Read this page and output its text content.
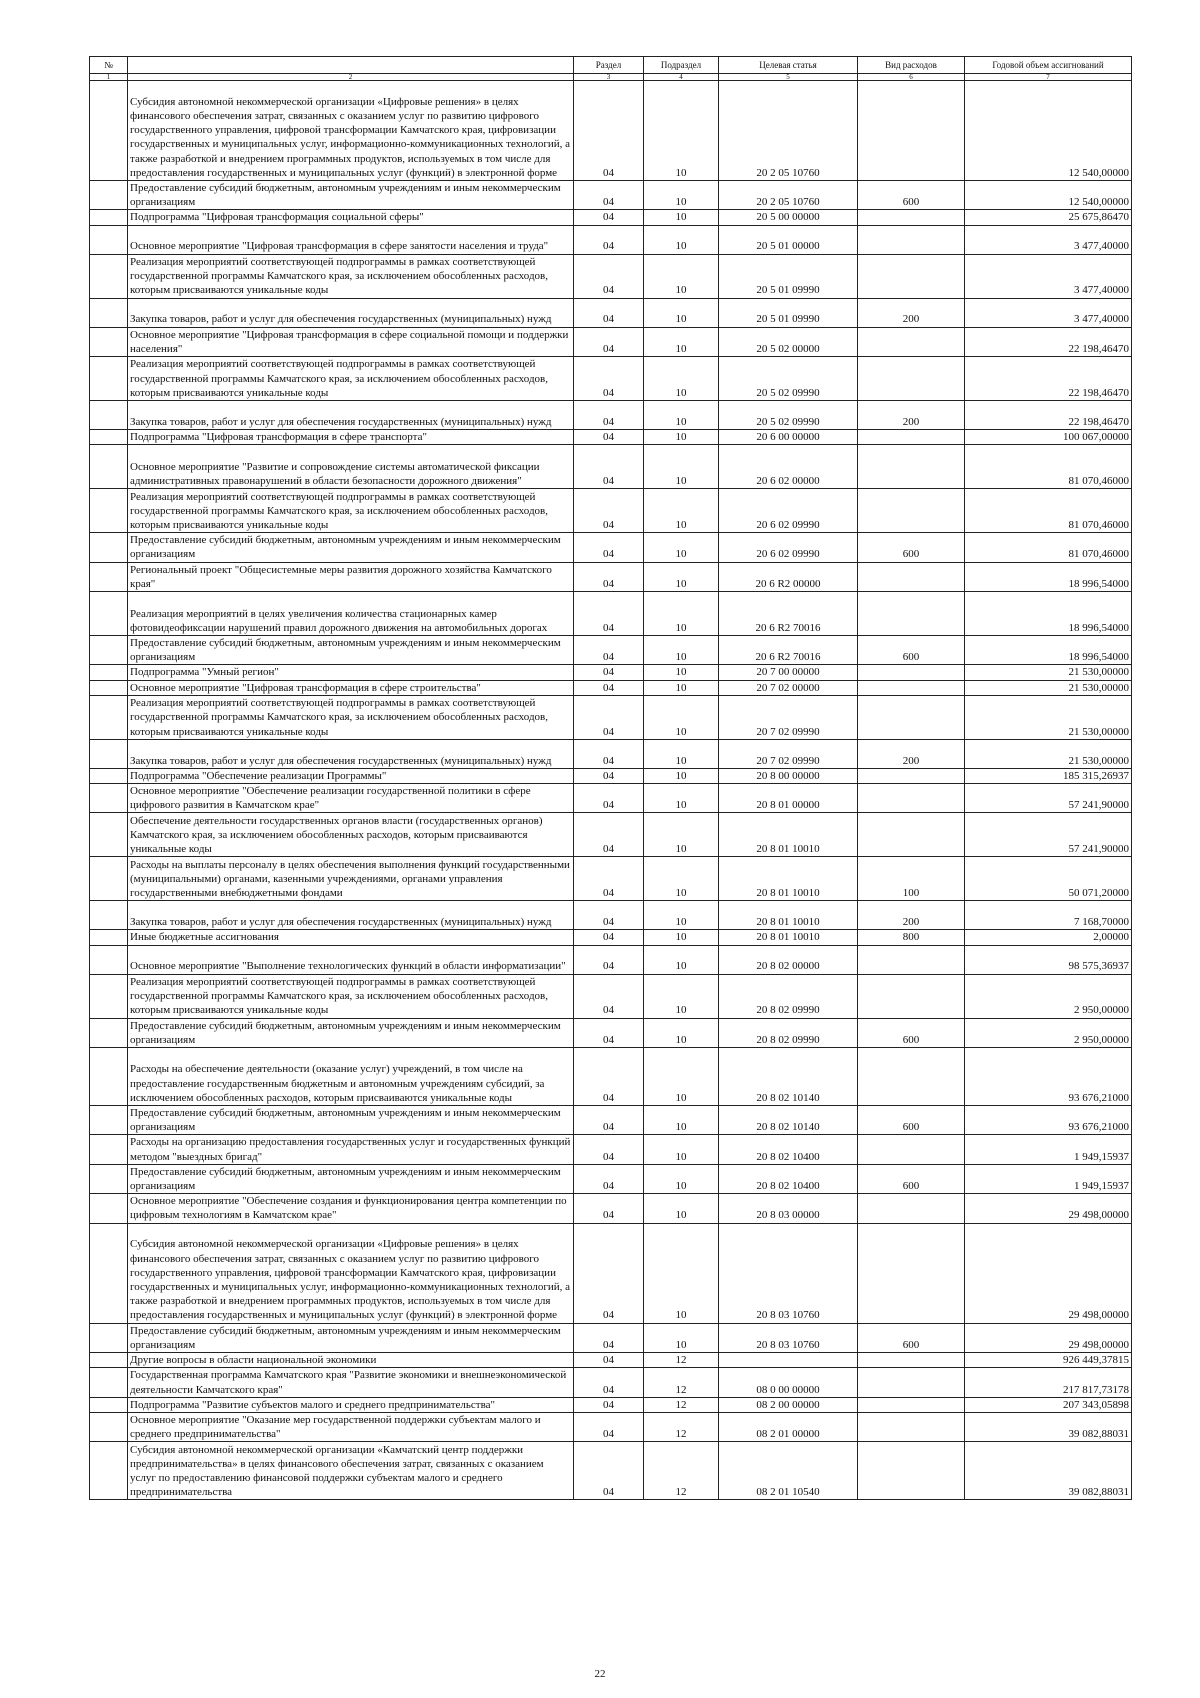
№		Раздел	Подраздел	Целевая статья	Вид расходов	Годовой объем ассигнований
1	2	3	4	5	6	7
	Субсидия автономной некоммерческой организации «Цифровые решения» в целях финансового обеспечения затрат, связанных с оказанием услуг по развитию цифрового государственного управления, цифровой трансформации Камчатского края, цифровизации государственных и муниципальных услуг, информационно-коммуникационных технологий, а также разработкой и внедрением программных продуктов, используемых в том числе для предоставления государственных и муниципальных услуг (функций) в электронной форме	04	10	20 2 05 10760		12 540,00000
	Предоставление субсидий бюджетным, автономным учреждениям и иным некоммерческим организациям	04	10	20 2 05 10760	600	12 540,00000
	Подпрограмма "Цифровая трансформация социальной сферы"	04	10	20 5 00 00000		25 675,86470
	Основное мероприятие "Цифровая трансформация в сфере занятости населения и труда"	04	10	20 5 01 00000		3 477,40000
	Реализация мероприятий соответствующей подпрограммы в рамках соответствующей государственной программы Камчатского края, за исключением обособленных расходов, которым присваиваются уникальные коды	04	10	20 5 01 09990		3 477,40000
	Закупка товаров, работ и услуг для обеспечения государственных (муниципальных) нужд	04	10	20 5 01 09990	200	3 477,40000
	Основное мероприятие "Цифровая трансформация в сфере социальной помощи и поддержки населения"	04	10	20 5 02 00000		22 198,46470
	Реализация мероприятий соответствующей подпрограммы в рамках соответствующей государственной программы Камчатского края, за исключением обособленных расходов, которым присваиваются уникальные коды	04	10	20 5 02 09990		22 198,46470
	Закупка товаров, работ и услуг для обеспечения государственных (муниципальных) нужд	04	10	20 5 02 09990	200	22 198,46470
	Подпрограмма "Цифровая трансформация в сфере транспорта"	04	10	20 6 00 00000		100 067,00000
	Основное мероприятие "Развитие и сопровождение системы автоматической фиксации административных правонарушений в области безопасности дорожного движения"	04	10	20 6 02 00000		81 070,46000
	Реализация мероприятий соответствующей подпрограммы в рамках соответствующей государственной программы Камчатского края, за исключением обособленных расходов, которым присваиваются уникальные коды	04	10	20 6 02 09990		81 070,46000
	Предоставление субсидий бюджетным, автономным учреждениям и иным некоммерческим организациям	04	10	20 6 02 09990	600	81 070,46000
	Региональный проект "Общесистемные меры развития дорожного хозяйства Камчатского края"	04	10	20 6 R2 00000		18 996,54000
	Реализация мероприятий в целях увеличения количества стационарных камер фотовидеофиксации нарушений правил дорожного движения на автомобильных дорогах	04	10	20 6 R2 70016		18 996,54000
	Предоставление субсидий бюджетным, автономным учреждениям и иным некоммерческим организациям	04	10	20 6 R2 70016	600	18 996,54000
	Подпрограмма "Умный регион"	04	10	20 7 00 00000		21 530,00000
	Основное мероприятие "Цифровая трансформация в сфере строительства"	04	10	20 7 02 00000		21 530,00000
	Реализация мероприятий соответствующей подпрограммы в рамках соответствующей государственной программы Камчатского края, за исключением обособленных расходов, которым присваиваются уникальные коды	04	10	20 7 02 09990		21 530,00000
	Закупка товаров, работ и услуг для обеспечения государственных (муниципальных) нужд	04	10	20 7 02 09990	200	21 530,00000
	Подпрограмма "Обеспечение реализации Программы"	04	10	20 8 00 00000		185 315,26937
	Основное мероприятие "Обеспечение реализации государственной политики в сфере цифрового развития в Камчатском крае"	04	10	20 8 01 00000		57 241,90000
	Обеспечение деятельности государственных органов власти (государственных органов) Камчатского края, за исключением обособленных расходов, которым присваиваются уникальные коды	04	10	20 8 01 10010		57 241,90000
	Расходы на выплаты персоналу в целях обеспечения выполнения функций государственными (муниципальными) органами, казенными учреждениями, органами управления государственными внебюджетными фондами	04	10	20 8 01 10010	100	50 071,20000
	Закупка товаров, работ и услуг для обеспечения государственных (муниципальных) нужд	04	10	20 8 01 10010	200	7 168,70000
	Иные бюджетные ассигнования	04	10	20 8 01 10010	800	2,00000
	Основное мероприятие "Выполнение технологических функций в области информатизации"	04	10	20 8 02 00000		98 575,36937
	Реализация мероприятий соответствующей подпрограммы в рамках соответствующей государственной программы Камчатского края, за исключением обособленных расходов, которым присваиваются уникальные коды	04	10	20 8 02 09990		2 950,00000
	Предоставление субсидий бюджетным, автономным учреждениям и иным некоммерческим организациям	04	10	20 8 02 09990	600	2 950,00000
	Расходы на обеспечение деятельности (оказание услуг) учреждений, в том числе на предоставление государственным бюджетным и автономным учреждениям субсидий, за исключением обособленных расходов, которым присваиваются уникальные коды	04	10	20 8 02 10140		93 676,21000
	Предоставление субсидий бюджетным, автономным учреждениям и иным некоммерческим организациям	04	10	20 8 02 10140	600	93 676,21000
	Расходы на организацию предоставления государственных услуг и государственных функций методом "выездных бригад"	04	10	20 8 02 10400		1 949,15937
	Предоставление субсидий бюджетным, автономным учреждениям и иным некоммерческим организациям	04	10	20 8 02 10400	600	1 949,15937
	Основное мероприятие "Обеспечение создания и функционирования центра компетенции по цифровым технологиям в Камчатском крае"	04	10	20 8 03 00000		29 498,00000
	Субсидия автономной некоммерческой организации «Цифровые решения» в целях финансового обеспечения затрат, связанных с оказанием услуг по развитию цифрового государственного управления, цифровой трансформации Камчатского края, цифровизации государственных и муниципальных услуг, информационно-коммуникационных технологий, а также разработкой и внедрением программных продуктов, используемых в том числе для предоставления государственных и муниципальных услуг (функций) в электронной форме	04	10	20 8 03 10760		29 498,00000
	Предоставление субсидий бюджетным, автономным учреждениям и иным некоммерческим организациям	04	10	20 8 03 10760	600	29 498,00000
	Другие вопросы в области национальной экономики	04	12			926 449,37815
	Государственная программа Камчатского края "Развитие экономики и внешнеэкономической деятельности Камчатского края"	04	12	08 0 00 00000		217 817,73178
	Подпрограмма "Развитие субъектов малого и среднего предпринимательства"	04	12	08 2 00 00000		207 343,05898
	Основное мероприятие "Оказание мер государственной поддержки субъектам малого и среднего предпринимательства"	04	12	08 2 01 00000		39 082,88031
	Субсидия автономной некоммерческой организации «Камчатский центр поддержки предпринимательства» в целях финансового обеспечения затрат, связанных с оказанием услуг по предоставлению финансовой поддержки субъектам малого и среднего предпринимательства	04	12	08 2 01 10540		39 082,88031
22
